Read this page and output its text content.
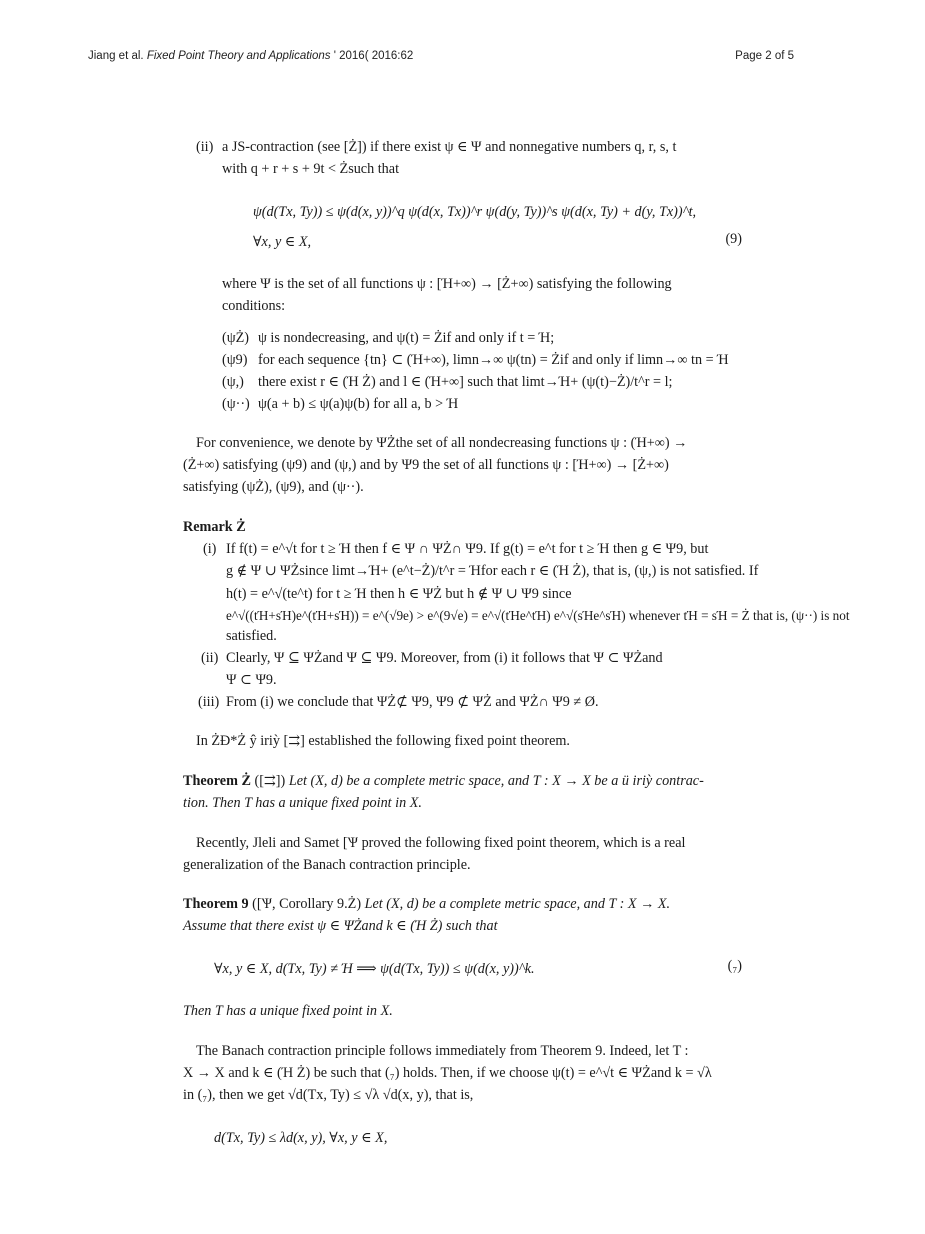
Jiang et al. Fixed Point Theory and Applications ' 2016( 2016:62	Page 2 of 5
(ii) a JS-contraction (see [Ż]) if there exist ψ ∈ Ψ and nonnegative numbers q, r, s, t
with q + r + s + 9t < Żsuch that
ψ(d(Tx, Ty)) ≤ ψ(d(x, y))^q ψ(d(x, Tx))^r ψ(d(y, Ty))^s ψ(d(x, Ty) + d(y, Tx))^t,
∀x, y ∈ X,	(9)
where Ψ is the set of all functions ψ : [Ή+∞) → [Ż+∞) satisfying the following
conditions:
(ψŻ) ψ is nondecreasing, and ψ(t) = Żif and only if t = Ή;
(ψ9) for each sequence {tn} ⊂ (Ή+∞), limn→∞ ψ(tn) = Żif and only if limn→∞ tn = Ή
(ψ,) there exist r ∈ (Ή Ż) and l ∈ (Ή+∞] such that limt→Ή+ (ψ(t)−Ż)/t^r = l;
(ψ··) ψ(a + b) ≤ ψ(a)ψ(b) for all a, b > Ή
For convenience, we denote by ΨŻthe set of all nondecreasing functions ψ : (Ή+∞) →
(Ż+∞) satisfying (ψ9) and (ψ,) and by Ψ9 the set of all functions ψ : [Ή+∞) → [Ż+∞)
satisfying (ψŻ), (ψ9), and (ψ··).
Remark Ż
(i) If f(t) = e^√t for t ≥ Ή then f ∈ Ψ ∩ ΨŻ∩ Ψ9. If g(t) = e^t for t ≥ Ή then g ∈ Ψ9, but
g ∉ Ψ ∪ ΨŻsince limt→Ή+ (e^t−Ż)/t^r = Ήfor each r ∈ (Ή Ż), that is, (ψ,) is not satisfied. If
h(t) = e^√(te^t) for t ≥ Ή then h ∈ ΨŻ but h ∉ Ψ ∪ Ψ9 since
e^√((tΉ+sΉ)e^(tΉ+sΉ)) = e^(√9e) > e^(9√e) = e^√(tΉe^tΉ) e^√(sΉe^sΉ) whenever tΉ = sΉ = Ż that is, (ψ··) is not
satisfied.
(ii) Clearly, Ψ ⊆ ΨŻand Ψ ⊆ Ψ9. Moreover, from (i) it follows that Ψ ⊂ ΨŻand
Ψ ⊂ Ψ9.
(iii) From (i) we conclude that ΨŻ⊄ Ψ9, Ψ9 ⊄ ΨŻ and ΨŻ∩ Ψ9 ≠ Ø.
In ŻÐ*Ż ŷ iriỳ [⇉] established the following fixed point theorem.
Theorem Ż ([⇉]) Let (X, d) be a complete metric space, and T : X → X be a ӥ iriỳ contrac-
tion. Then T has a unique fixed point in X.
Recently, Jleli and Samet [Ѱ proved the following fixed point theorem, which is a real
generalization of the Banach contraction principle.
Theorem 9 ([Ѱ, Corollary 9.Ż) Let (X, d) be a complete metric space, and T : X → X.
Assume that there exist ψ ∈ ΨŻand k ∈ (Ή Ż) such that
∀x, y ∈ X, d(Tx, Ty) ≠ Ή ⟹ ψ(d(Tx, Ty)) ≤ ψ(d(x, y))^k.	(₇)
Then T has a unique fixed point in X.
The Banach contraction principle follows immediately from Theorem 9. Indeed, let T :
X → X and k ∈ (Ή Ż) be such that (₇) holds. Then, if we choose ψ(t) = e^√t ∈ ΨŻand k = √λ
in (₇), then we get √d(Tx, Ty) ≤ √λ √d(x, y), that is,
d(Tx, Ty) ≤ λd(x, y), ∀x, y ∈ X,
